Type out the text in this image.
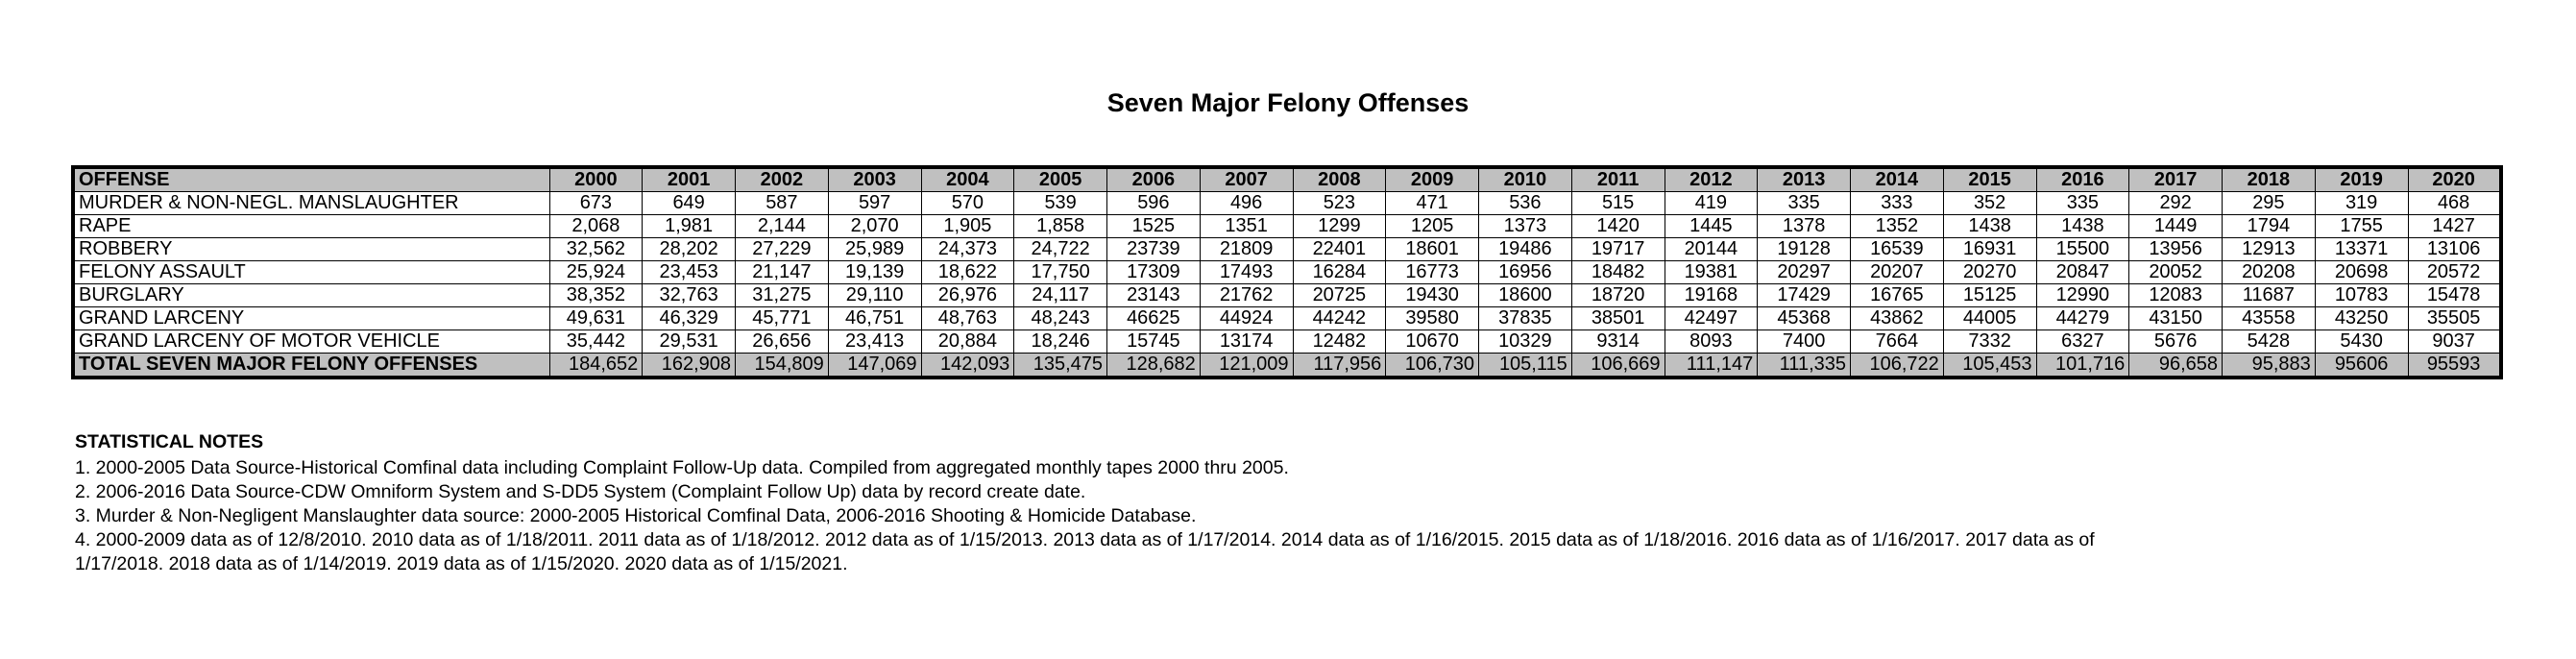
Seven Major Felony Offenses
OFFENSE	2000	2001	2002	2003	2004	2005	2006	2007	2008	2009	2010	2011	2012	2013	2014	2015	2016	2017	2018	2019	2020
MURDER & NON-NEGL. MANSLAUGHTER	673	649	587	597	570	539	596	496	523	471	536	515	419	335	333	352	335	292	295	319	468
RAPE	2,068	1,981	2,144	2,070	1,905	1,858	1525	1351	1299	1205	1373	1420	1445	1378	1352	1438	1438	1449	1794	1755	1427
ROBBERY	32,562	28,202	27,229	25,989	24,373	24,722	23739	21809	22401	18601	19486	19717	20144	19128	16539	16931	15500	13956	12913	13371	13106
FELONY ASSAULT	25,924	23,453	21,147	19,139	18,622	17,750	17309	17493	16284	16773	16956	18482	19381	20297	20207	20270	20847	20052	20208	20698	20572
BURGLARY	38,352	32,763	31,275	29,110	26,976	24,117	23143	21762	20725	19430	18600	18720	19168	17429	16765	15125	12990	12083	11687	10783	15478
GRAND LARCENY	49,631	46,329	45,771	46,751	48,763	48,243	46625	44924	44242	39580	37835	38501	42497	45368	43862	44005	44279	43150	43558	43250	35505
GRAND LARCENY OF MOTOR VEHICLE	35,442	29,531	26,656	23,413	20,884	18,246	15745	13174	12482	10670	10329	9314	8093	7400	7664	7332	6327	5676	5428	5430	9037
TOTAL SEVEN MAJOR FELONY OFFENSES	184,652	162,908	154,809	147,069	142,093	135,475	128,682	121,009	117,956	106,730	105,115	106,669	111,147	111,335	106,722	105,453	101,716	96,658	95,883	95606	95593
STATISTICAL NOTES
1. 2000-2005 Data Source-Historical Comfinal data including Complaint Follow-Up data. Compiled from aggregated monthly tapes 2000 thru 2005.
2. 2006-2016 Data Source-CDW Omniform System and S-DD5 System (Complaint Follow Up) data by record create date.
3. Murder & Non-Negligent Manslaughter data source: 2000-2005 Historical Comfinal Data, 2006-2016 Shooting & Homicide Database.
4. 2000-2009 data as of 12/8/2010. 2010 data as of 1/18/2011. 2011 data as of 1/18/2012. 2012 data as of 1/15/2013. 2013 data as of 1/17/2014. 2014 data as of 1/16/2015. 2015 data as of 1/18/2016. 2016 data as of 1/16/2017. 2017 data as of 1/17/2018. 2018 data as of 1/14/2019. 2019 data as of 1/15/2020. 2020 data as of 1/15/2021.
